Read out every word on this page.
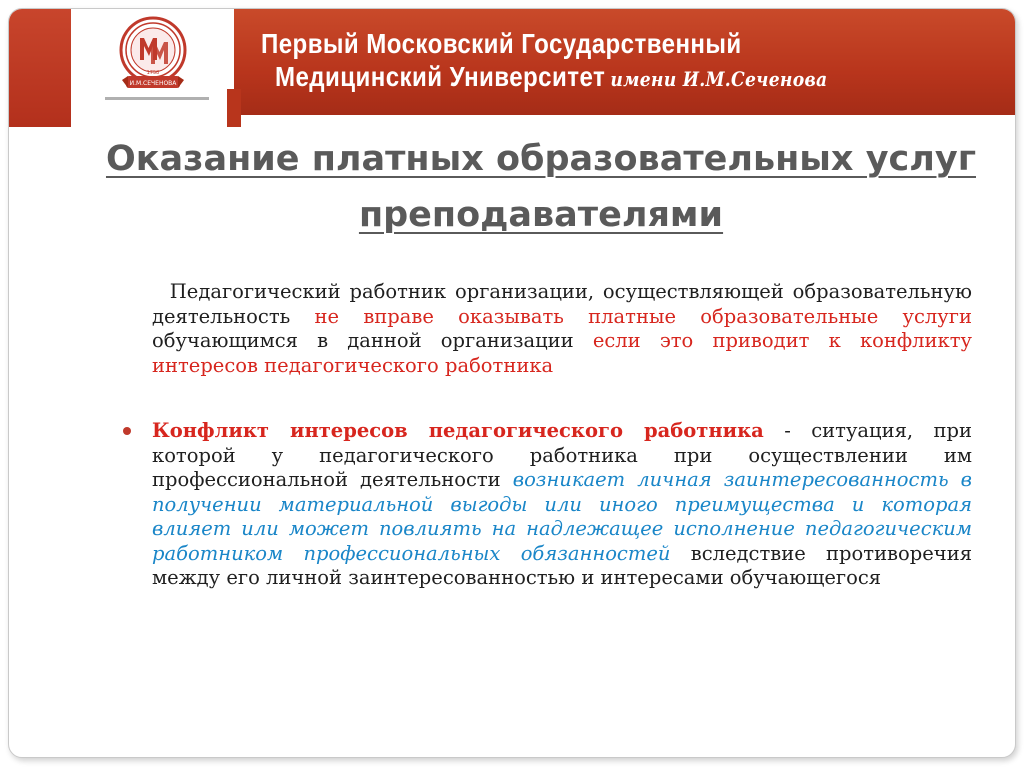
И.М.СЕЧЕНОВА
1758
Первый Московский Государственный
Медицинский Университет имени И.М.Сеченова
Оказание платных образовательных услуг преподавателями
Педагогический работник организации, осуществляющей образовательную деятельность не вправе оказывать платные образовательные услуги обучающимся в данной организации если это приводит к конфликту интересов педагогического работника
Конфликт интересов педагогического работника - ситуация, при которой у педагогического работника при осуществлении им профессиональной деятельности возникает личная заинтересованность в получении материальной выгоды или иного преимущества и которая влияет или может повлиять на надлежащее исполнение педагогическим работником профессиональных обязанностей вследствие противоречия между его личной заинтересованностью и интересами обучающегося
